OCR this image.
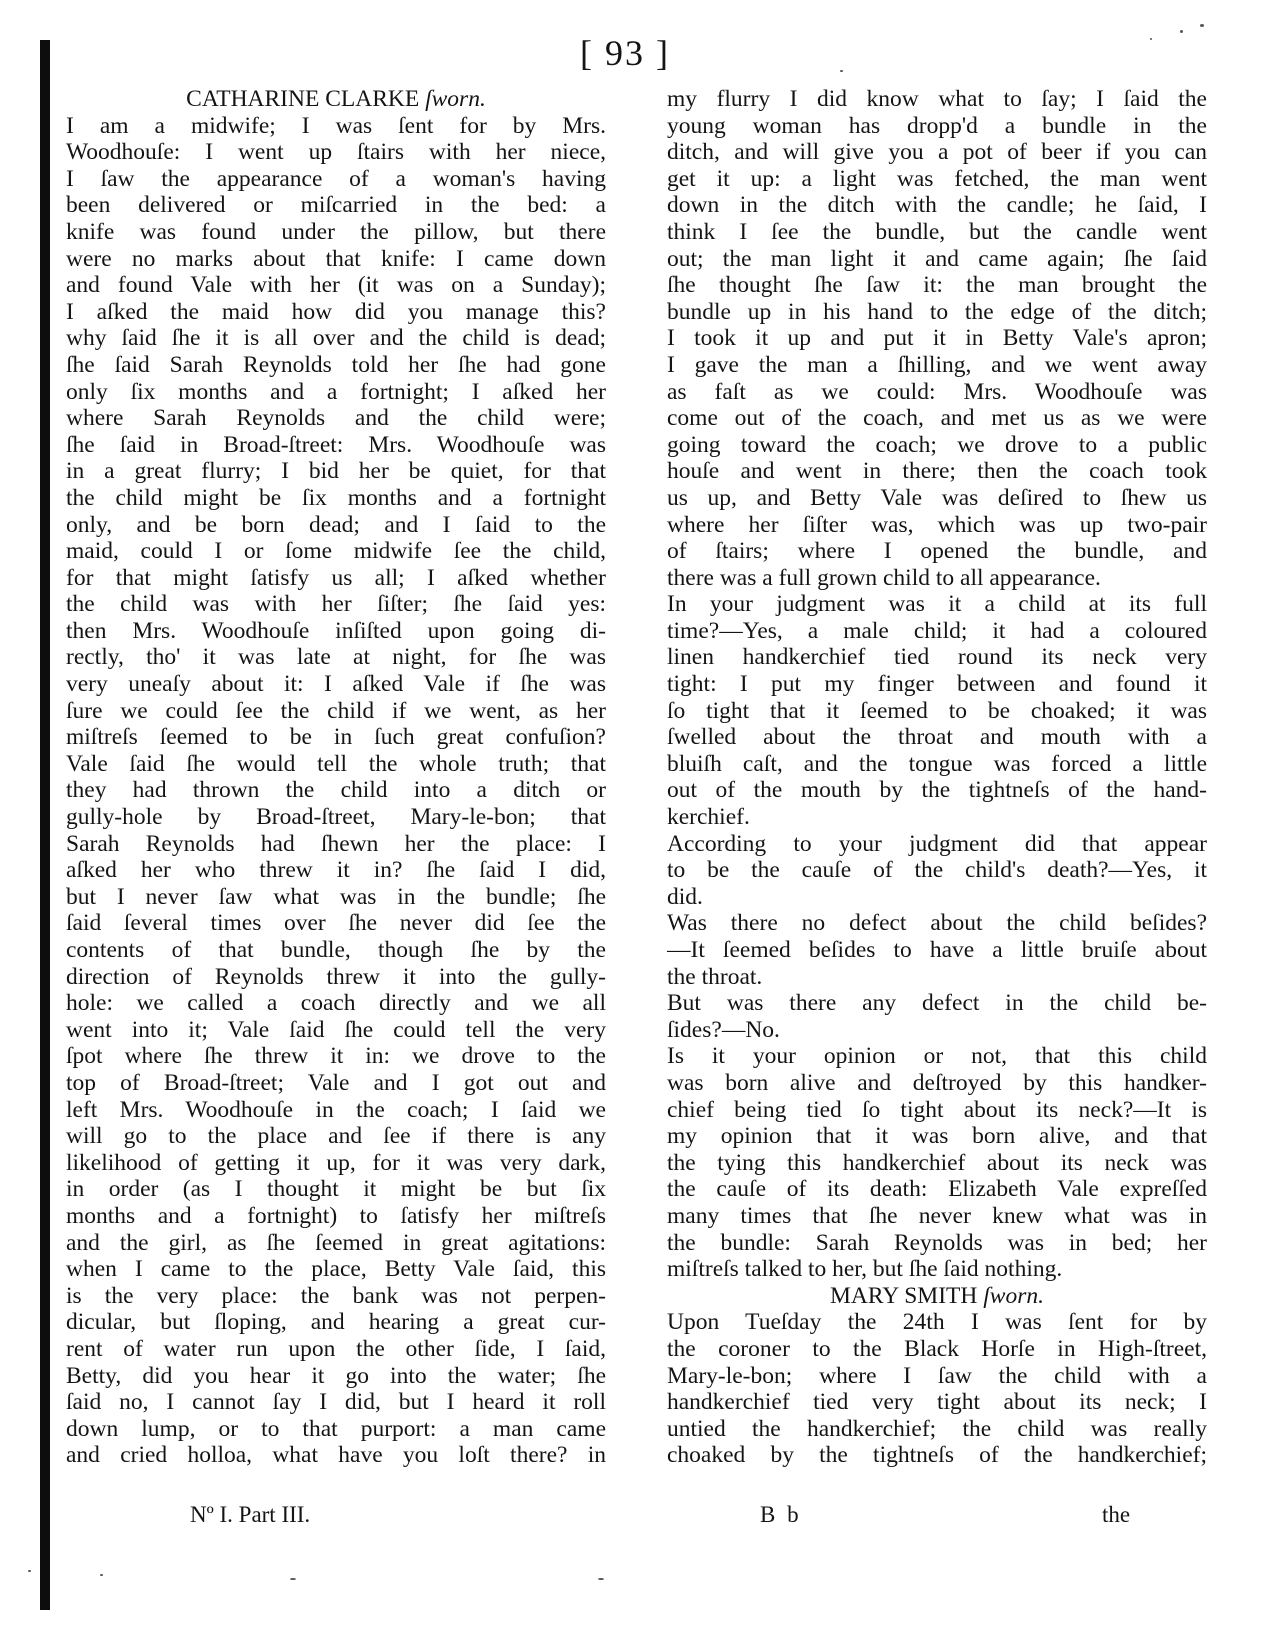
[ 93 ]
CATHARINE CLARKE ſworn.
I am a midwife; I was ſent for by Mrs.
Woodhouſe: I went up ſtairs with her niece,
I ſaw the appearance of a woman's having
been delivered or miſcarried in the bed: a
knife was found under the pillow, but there
were no marks about that knife: I came down
and found Vale with her (it was on a Sunday);
I aſked the maid how did you manage this?
why ſaid ſhe it is all over and the child is dead;
ſhe ſaid Sarah Reynolds told her ſhe had gone
only ſix months and a fortnight; I aſked her
where Sarah Reynolds and the child were;
ſhe ſaid in Broad-ſtreet: Mrs. Woodhouſe was
in a great flurry; I bid her be quiet, for that
the child might be ſix months and a fortnight
only, and be born dead; and I ſaid to the
maid, could I or ſome midwife ſee the child,
for that might ſatisfy us all; I aſked whether
the child was with her ſiſter; ſhe ſaid yes:
then Mrs. Woodhouſe inſiſted upon going di-
rectly, tho' it was late at night, for ſhe was
very uneaſy about it: I aſked Vale if ſhe was
ſure we could ſee the child if we went, as her
miſtreſs ſeemed to be in ſuch great confuſion?
Vale ſaid ſhe would tell the whole truth; that
they had thrown the child into a ditch or
gully-hole by Broad-ſtreet, Mary-le-bon; that
Sarah Reynolds had ſhewn her the place: I
aſked her who threw it in? ſhe ſaid I did,
but I never ſaw what was in the bundle; ſhe
ſaid ſeveral times over ſhe never did ſee the
contents of that bundle, though ſhe by the
direction of Reynolds threw it into the gully-
hole: we called a coach directly and we all
went into it; Vale ſaid ſhe could tell the very
ſpot where ſhe threw it in: we drove to the
top of Broad-ſtreet; Vale and I got out and
left Mrs. Woodhouſe in the coach; I ſaid we
will go to the place and ſee if there is any
likelihood of getting it up, for it was very dark,
in order (as I thought it might be but ſix
months and a fortnight) to ſatisfy her miſtreſs
and the girl, as ſhe ſeemed in great agitations:
when I came to the place, Betty Vale ſaid, this
is the very place: the bank was not perpen-
dicular, but ſloping, and hearing a great cur-
rent of water run upon the other ſide, I ſaid,
Betty, did you hear it go into the water; ſhe
ſaid no, I cannot ſay I did, but I heard it roll
down lump, or to that purport: a man came
and cried holloa, what have you loſt there? in
my flurry I did know what to ſay; I ſaid the
young woman has dropp'd a bundle in the
ditch, and will give you a pot of beer if you can
get it up: a light was fetched, the man went
down in the ditch with the candle; he ſaid, I
think I ſee the bundle, but the candle went
out; the man light it and came again; ſhe ſaid
ſhe thought ſhe ſaw it: the man brought the
bundle up in his hand to the edge of the ditch;
I took it up and put it in Betty Vale's apron;
I gave the man a ſhilling, and we went away
as faſt as we could: Mrs. Woodhouſe was
come out of the coach, and met us as we were
going toward the coach; we drove to a public
houſe and went in there; then the coach took
us up, and Betty Vale was deſired to ſhew us
where her ſiſter was, which was up two-pair
of ſtairs; where I opened the bundle, and
there was a full grown child to all appearance.
In your judgment was it a child at its full
time?—Yes, a male child; it had a coloured
linen handkerchief tied round its neck very
tight: I put my finger between and found it
ſo tight that it ſeemed to be choaked; it was
ſwelled about the throat and mouth with a
bluiſh caſt, and the tongue was forced a little
out of the mouth by the tightneſs of the hand-
kerchief.
According to your judgment did that appear
to be the cauſe of the child's death?—Yes, it
did.
Was there no defect about the child beſides?
—It ſeemed beſides to have a little bruiſe about
the throat.
But was there any defect in the child be-
ſides?—No.
Is it your opinion or not, that this child
was born alive and deſtroyed by this handker-
chief being tied ſo tight about its neck?—It is
my opinion that it was born alive, and that
the tying this handkerchief about its neck was
the cauſe of its death: Elizabeth Vale expreſſed
many times that ſhe never knew what was in
the bundle: Sarah Reynolds was in bed; her
miſtreſs talked to her, but ſhe ſaid nothing.
MARY SMITH ſworn.
Upon Tueſday the 24th I was ſent for by
the coroner to the Black Horſe in High-ſtreet,
Mary-le-bon; where I ſaw the child with a
handkerchief tied very tight about its neck; I
untied the handkerchief; the child was really
choaked by the tightneſs of the handkerchief;
Nº I. Part III.	B b	the
